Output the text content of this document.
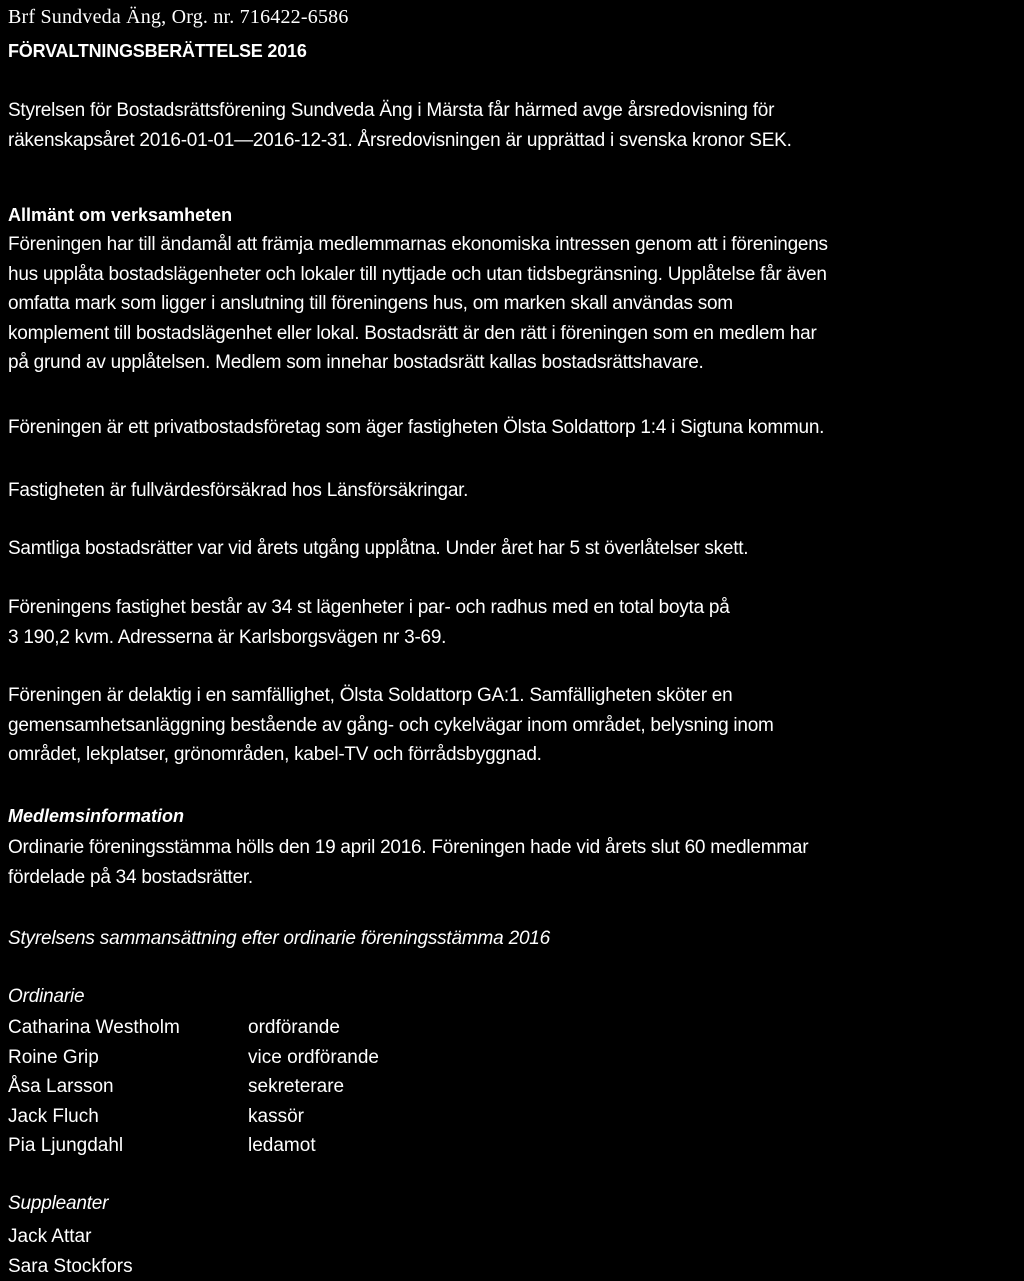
Brf Sundveda Äng, Org. nr. 716422-6586
FÖRVALTNINGSBERÄTTELSE 2016

Styrelsen för Bostadsrättsförening Sundveda Äng i Märsta får härmed avge årsredovisning för
räkenskapsåret 2016-01-01—2016-12-31. Årsredovisningen är upprättad i svenska kronor SEK.

Allmänt om verksamheten

Föreningen har till ändamål att främja medlemmarnas ekonomiska intressen genom att i föreningens
hus upplåta bostadslägenheter och lokaler till nyttjade och utan tidsbegränsning. Upplåtelse får även
omfatta mark som ligger i anslutning till föreningens hus, om marken skall användas som
komplement till bostadslägenhet eller lokal. Bostadsrätt är den rätt i föreningen som en medlem har
på grund av upplåtelsen. Medlem som innehar bostadsrätt kallas bostadsrättshavare.

Föreningen är ett privatbostadsföretag som äger fastigheten Ölsta Soldattorp 1:4 i Sigtuna kommun.

Fastigheten är fullvärdesförsäkrad hos Länsförsäkringar.

Samtliga bostadsrätter var vid årets utgång upplåtna. Under året har 5 st överlåtelser skett.

Föreningens fastighet består av 34 st lägenheter i par- och radhus med en total boyta på
3 190,2 kvm. Adresserna är Karlsborgsvägen nr 3-69.

Föreningen är delaktig i en samfällighet, Ölsta Soldattorp GA:1. Samfälligheten sköter en
gemensamhetsanläggning bestående av gång- och cykelvägar inom området, belysning inom
området, lekplatser, grönområden, kabel-TV och förrådsbyggnad.

Medlemsinformation

Ordinarie föreningsstämma hölls den 19 april 2016. Föreningen hade vid årets slut 60 medlemmar
fördelade på 34 bostadsrätter.

Styrelsens sammansättning efter ordinarie föreningsstämma 2016
Ordinarie
Catharina Westholm	ordförande
Roine Grip	vice ordförande
Åsa Larsson	sekreterare
Jack Fluch	kassör
Pia Ljungdahl	ledamot
Suppleanter
Jack Attar
Sara Stockfors
